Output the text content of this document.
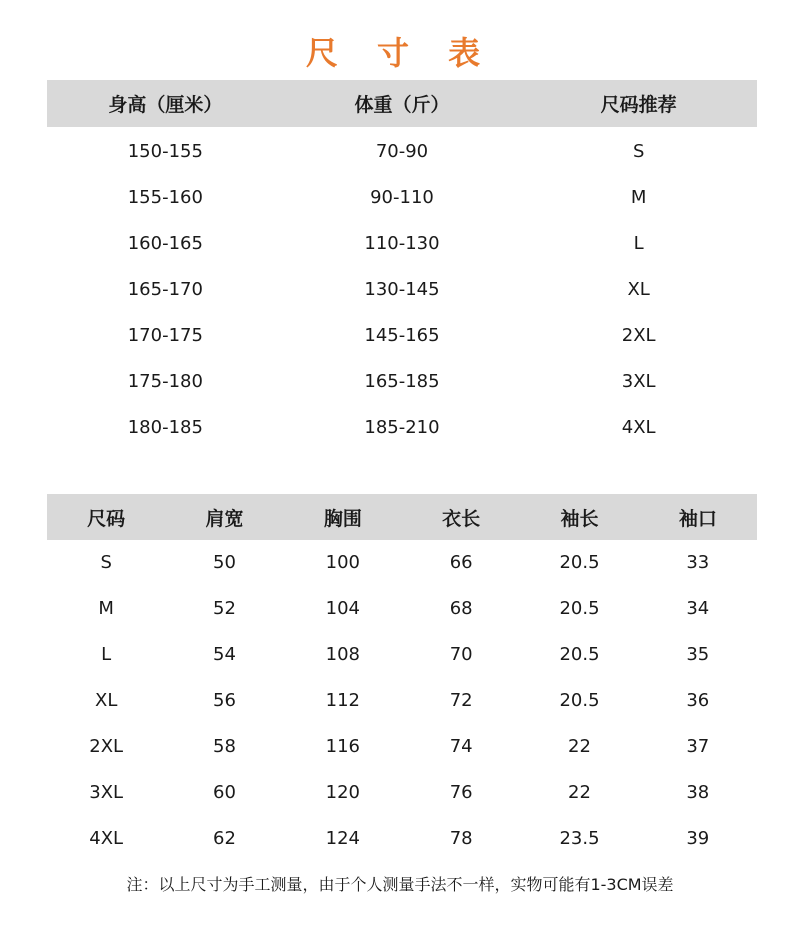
尺 寸 表
身高（厘米）	体重（斤）	尺码推荐
150-155	70-90	S
155-160	90-110	M
160-165	110-130	L
165-170	130-145	XL
170-175	145-165	2XL
175-180	165-185	3XL
180-185	185-210	4XL
尺码	肩宽	胸围	衣长	袖长	袖口
S	50	100	66	20.5	33
M	52	104	68	20.5	34
L	54	108	70	20.5	35
XL	56	112	72	20.5	36
2XL	58	116	74	22	37
3XL	60	120	76	22	38
4XL	62	124	78	23.5	39
注：以上尺寸为手工测量，由于个人测量手法不一样，实物可能有1-3CM误差
